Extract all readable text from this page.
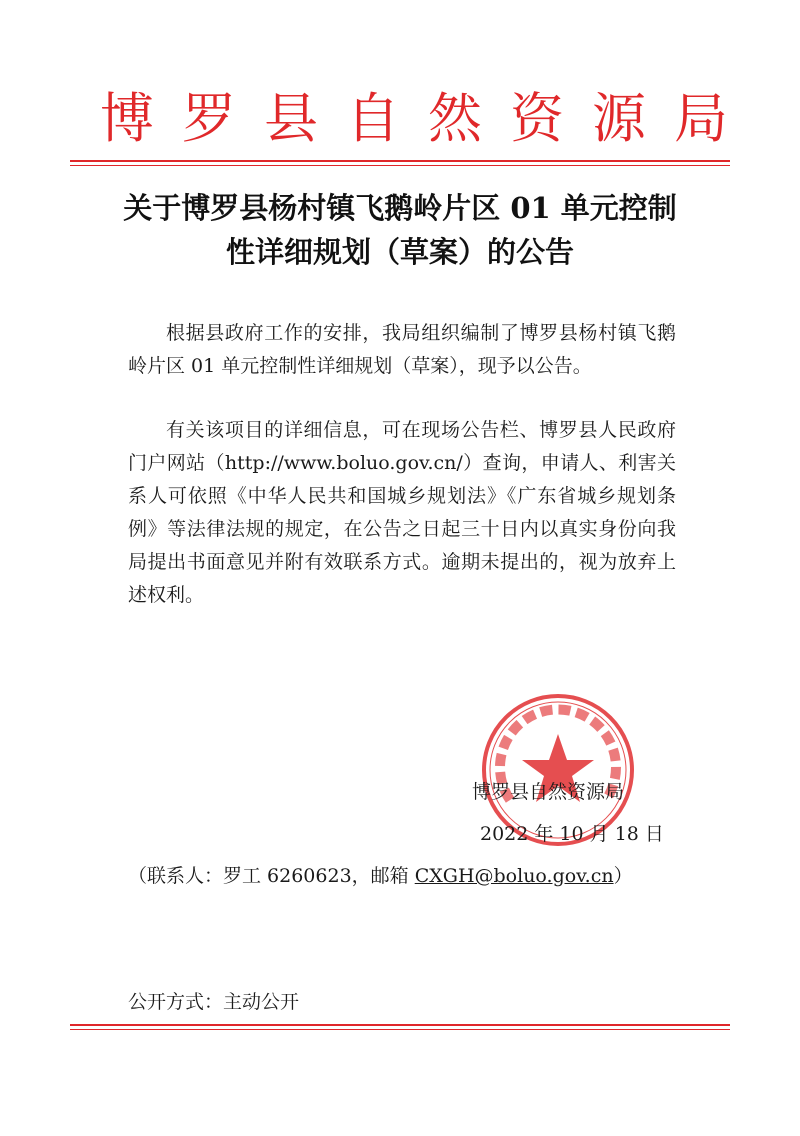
博罗县自然资源局
关于博罗县杨村镇飞鹅岭片区 01 单元控制
性详细规划（草案）的公告

根据县政府工作的安排，我局组织编制了博罗县杨村镇飞鹅岭片区 01 单元控制性详细规划（草案），现予以公告。

有关该项目的详细信息，可在现场公告栏、博罗县人民政府门户网站（http://www.boluo.gov.cn/）查询，申请人、利害关系人可依照《中华人民共和国城乡规划法》《广东省城乡规划条例》等法律法规的规定，在公告之日起三十日内以真实身份向我局提出书面意见并附有效联系方式。逾期未提出的，视为放弃上述权利。

博罗县自然资源局
2022 年 10 月 18 日
（联系人：罗工 6260623，邮箱 CXGH@boluo.gov.cn）
公开方式：主动公开
